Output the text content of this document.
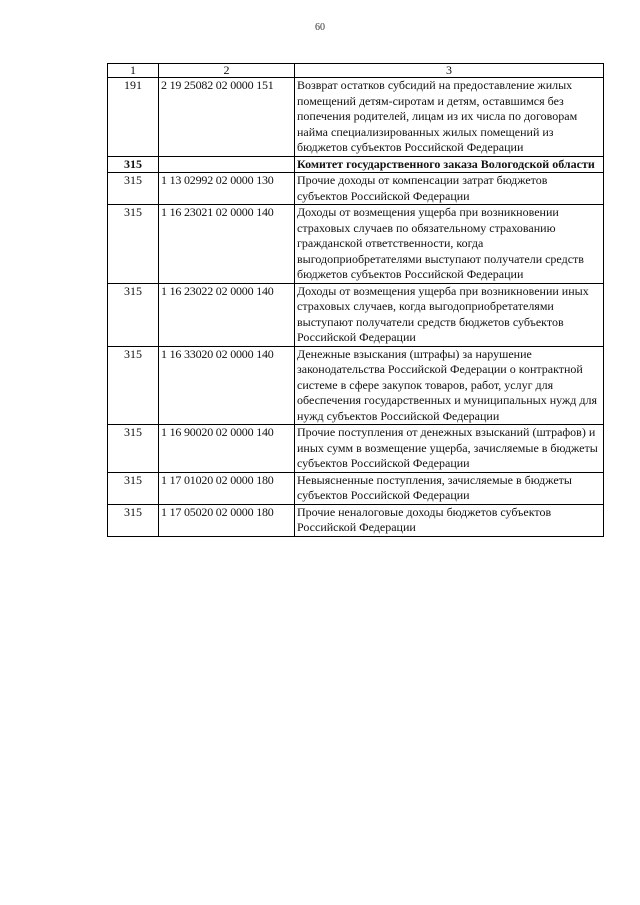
60
1	2	3
191	2 19 25082 02 0000 151	Возврат остатков субсидий на предоставление жилых помещений детям-сиротам и детям, оставшимся без попечения родителей, лицам из их числа по договорам найма специализированных жилых помещений из бюджетов субъектов Российской Федерации
315		Комитет государственного заказа Вологодской области
315	1 13 02992 02 0000 130	Прочие доходы от компенсации затрат бюджетов субъектов Российской Федерации
315	1 16 23021 02 0000 140	Доходы от возмещения ущерба при возникновении страховых случаев по обязательному страхованию гражданской ответственности, когда выгодоприобретателями выступают получатели средств бюджетов субъектов Российской Федерации
315	1 16 23022 02 0000 140	Доходы от возмещения ущерба при возникновении иных страховых случаев, когда выгодоприобретателями выступают получатели средств бюджетов субъектов Российской Федерации
315	1 16 33020 02 0000 140	Денежные взыскания (штрафы) за нарушение законодательства Российской Федерации о контрактной системе в сфере закупок товаров, работ, услуг для обеспечения государственных и муниципальных нужд для нужд субъектов Российской Федерации
315	1 16 90020 02 0000 140	Прочие поступления от денежных взысканий (штрафов) и иных сумм в возмещение ущерба, зачисляемые в бюджеты субъектов Российской Федерации
315	1 17 01020 02 0000 180	Невыясненные поступления, зачисляемые в бюджеты субъектов Российской Федерации
315	1 17 05020 02 0000 180	Прочие неналоговые доходы бюджетов субъектов Российской Федерации
